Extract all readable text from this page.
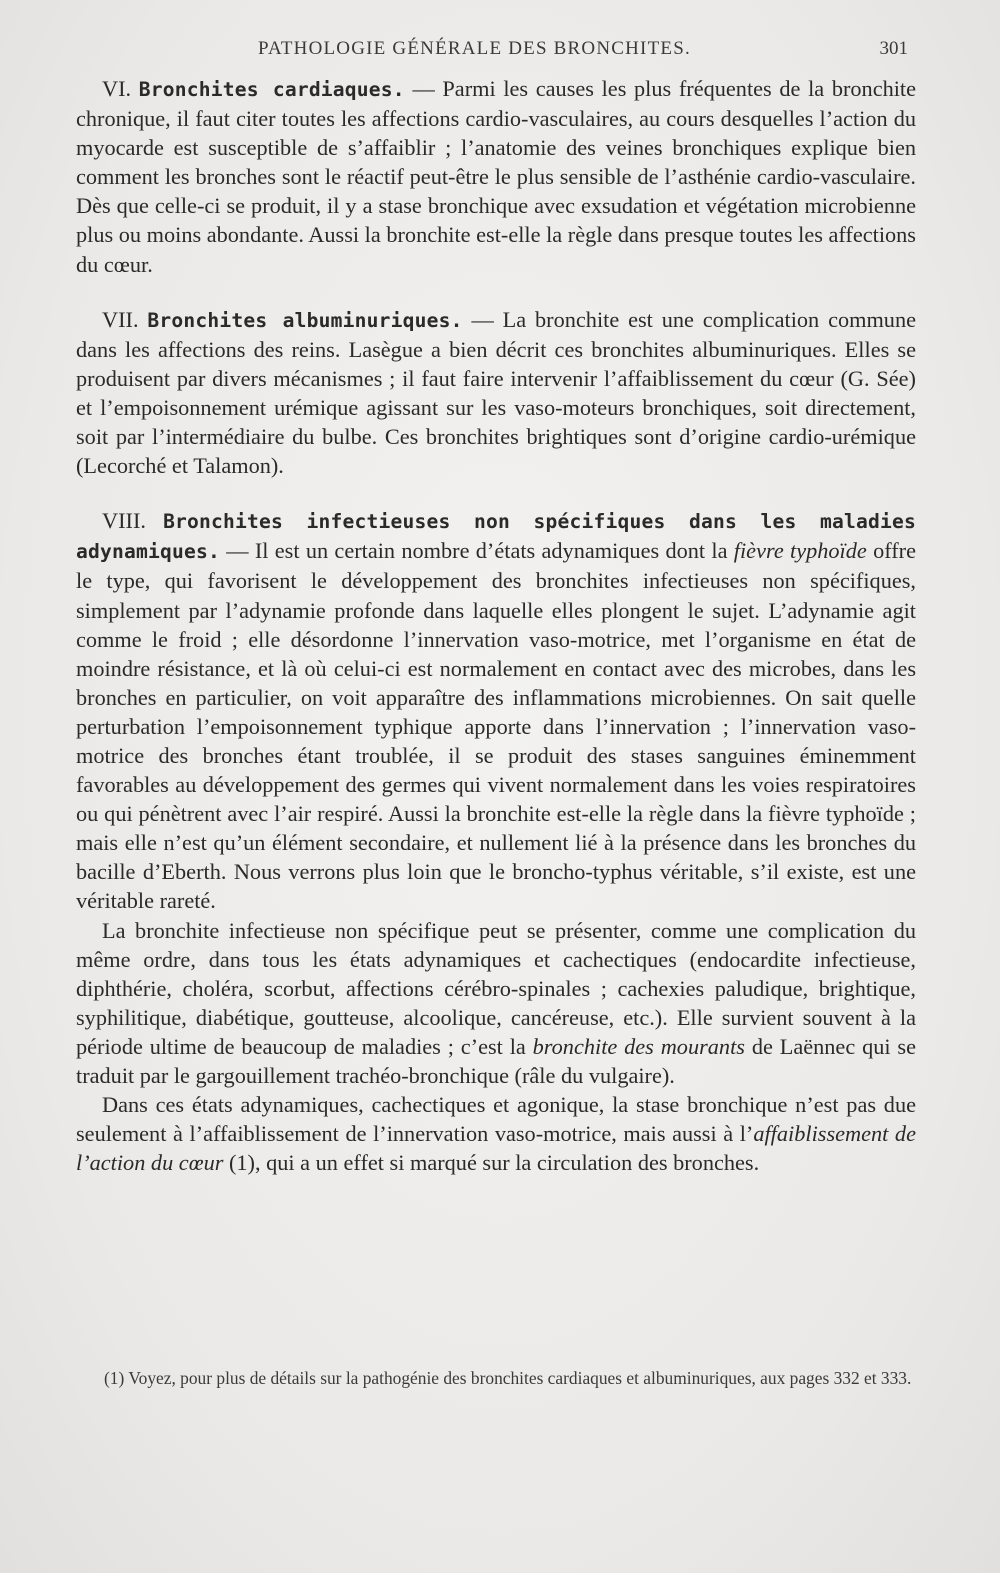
PATHOLOGIE GÉNÉRALE DES BRONCHITES.	301

VI. Bronchites cardiaques. — Parmi les causes les plus fréquentes de la bronchite chronique, il faut citer toutes les affections cardio-vasculaires, au cours desquelles l’action du myocarde est susceptible de s’affaiblir ; l’anatomie des veines bronchiques explique bien comment les bronches sont le réactif peut-être le plus sensible de l’asthénie cardio-vasculaire. Dès que celle-ci se produit, il y a stase bronchique avec exsudation et végétation microbienne plus ou moins abondante. Aussi la bronchite est-elle la règle dans presque toutes les affections du cœur.

VII. Bronchites albuminuriques. — La bronchite est une complication commune dans les affections des reins. Lasègue a bien décrit ces bronchites albuminuriques. Elles se produisent par divers mécanismes ; il faut faire intervenir l’affaiblissement du cœur (G. Sée) et l’empoisonnement urémique agissant sur les vaso-moteurs bronchiques, soit directement, soit par l’intermédiaire du bulbe. Ces bronchites brightiques sont d’origine cardio-urémique (Lecorché et Talamon).

VIII. Bronchites infectieuses non spécifiques dans les maladies adynamiques. — Il est un certain nombre d’états adynamiques dont la fièvre typhoïde offre le type, qui favorisent le développement des bronchites infectieuses non spécifiques, simplement par l’adynamie profonde dans laquelle elles plongent le sujet. L’adynamie agit comme le froid ; elle désordonne l’innervation vaso-motrice, met l’organisme en état de moindre résistance, et là où celui-ci est normalement en contact avec des microbes, dans les bronches en particulier, on voit apparaître des inflammations microbiennes. On sait quelle perturbation l’empoisonnement typhique apporte dans l’innervation ; l’innervation vaso-motrice des bronches étant troublée, il se produit des stases sanguines éminemment favorables au développement des germes qui vivent normalement dans les voies respiratoires ou qui pénètrent avec l’air respiré. Aussi la bronchite est-elle la règle dans la fièvre typhoïde ; mais elle n’est qu’un élément secondaire, et nullement lié à la présence dans les bronches du bacille d’Eberth. Nous verrons plus loin que le broncho-typhus véritable, s’il existe, est une véritable rareté.

La bronchite infectieuse non spécifique peut se présenter, comme une complication du même ordre, dans tous les états adynamiques et cachectiques (endocardite infectieuse, diphthérie, choléra, scorbut, affections cérébro-spinales ; cachexies paludique, brightique, syphilitique, diabétique, goutteuse, alcoolique, cancéreuse, etc.). Elle survient souvent à la période ultime de beaucoup de maladies ; c’est la bronchite des mourants de Laënnec qui se traduit par le gargouillement trachéo-bronchique (râle du vulgaire).

Dans ces états adynamiques, cachectiques et agonique, la stase bronchique n’est pas due seulement à l’affaiblissement de l’innervation vaso-motrice, mais aussi à l’affaiblissement de l’action du cœur (1), qui a un effet si marqué sur la circulation des bronches.

(1) Voyez, pour plus de détails sur la pathogénie des bronchites cardiaques et albuminuriques, aux pages 332 et 333.
